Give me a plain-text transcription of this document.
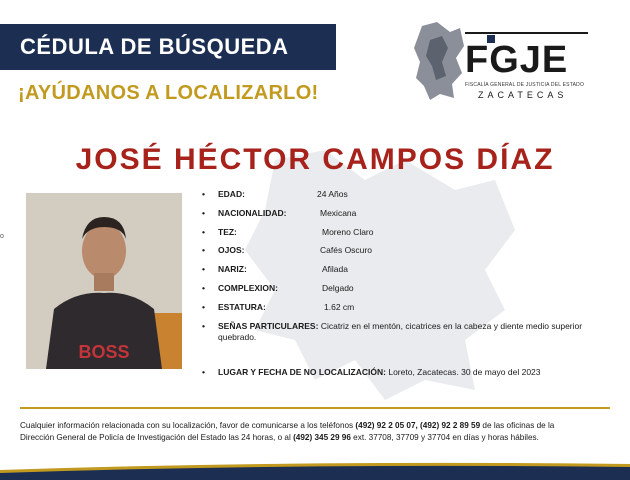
CÉDULA DE BÚSQUEDA
¡AYÚDANOS A LOCALIZARLO!
FGJE
FISCALÍA GENERAL DE JUSTICIA DEL ESTADO
ZACATECAS
JOSÉ HÉCTOR CAMPOS DÍAZ
o
BOSS
• EDAD:	24 Años
• NACIONALIDAD:	Mexicana
• TEZ:	Moreno Claro
• OJOS:	Cafés Oscuro
• NARIZ:	Afilada
• COMPLEXION:	Delgado
• ESTATURA:	1.62 cm
• SEÑAS PARTICULARES: Cicatriz en el mentón, cicatrices en la cabeza y diente medio superior quebrado.
• LUGAR Y FECHA DE NO LOCALIZACIÓN: Loreto, Zacatecas. 30 de mayo del 2023
Cualquier información relacionada con su localización, favor de comunicarse a los teléfonos (492) 92 2 05 07, (492) 92 2 89 59 de las oficinas de la
Dirección General de Policía de Investigación del Estado las 24 horas, o al (492) 345 29 96 ext. 37708, 37709 y 37704 en días y horas hábiles.
